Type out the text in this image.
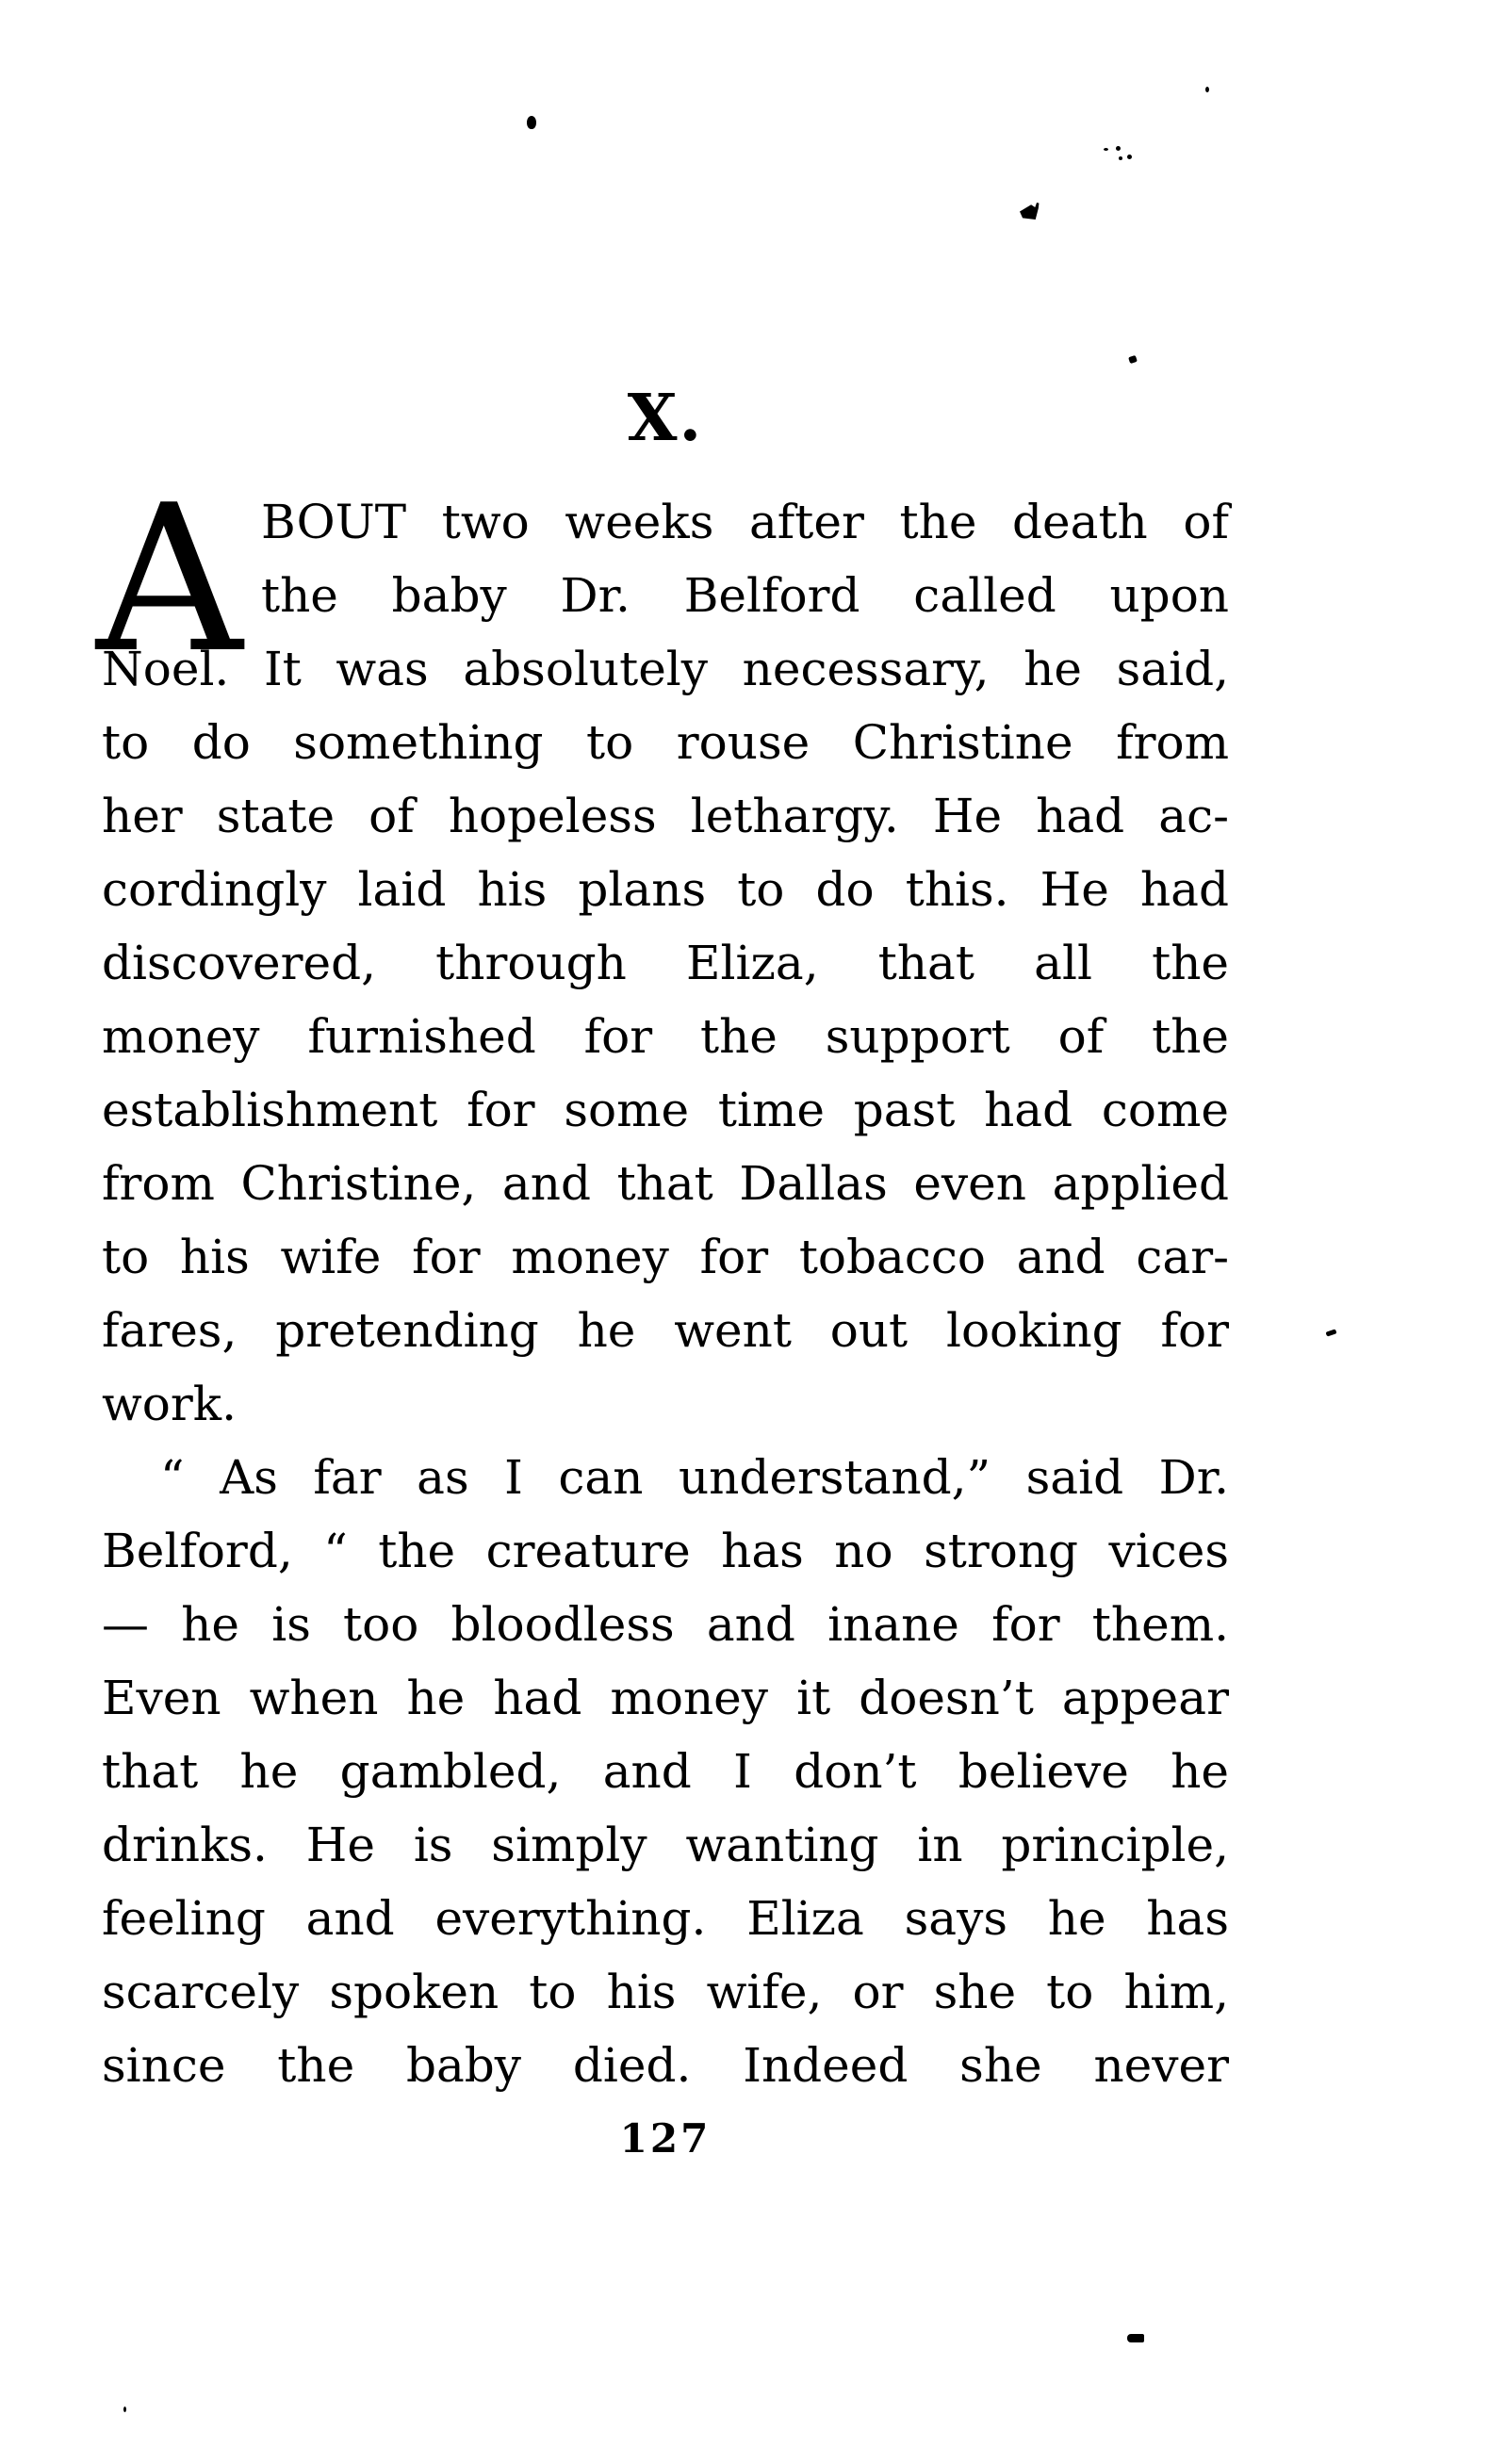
X.
A BOUT two weeks after the death of
the baby Dr. Belford called upon
Noel. It was absolutely necessary, he said,
to do something to rouse Christine from
her state of hopeless lethargy. He had ac-
cordingly laid his plans to do this. He had
discovered, through Eliza, that all the
money furnished for the support of the
establishment for some time past had come
from Christine, and that Dallas even applied
to his wife for money for tobacco and car-
fares, pretending he went out looking for
work.
“ As far as I can understand,” said Dr.
Belford, “ the creature has no strong vices
— he is too bloodless and inane for them.
Even when he had money it doesn’t appear
that he gambled, and I don’t believe he
drinks. He is simply wanting in principle,
feeling and everything. Eliza says he has
scarcely spoken to his wife, or she to him,
since the baby died. Indeed she never
127
